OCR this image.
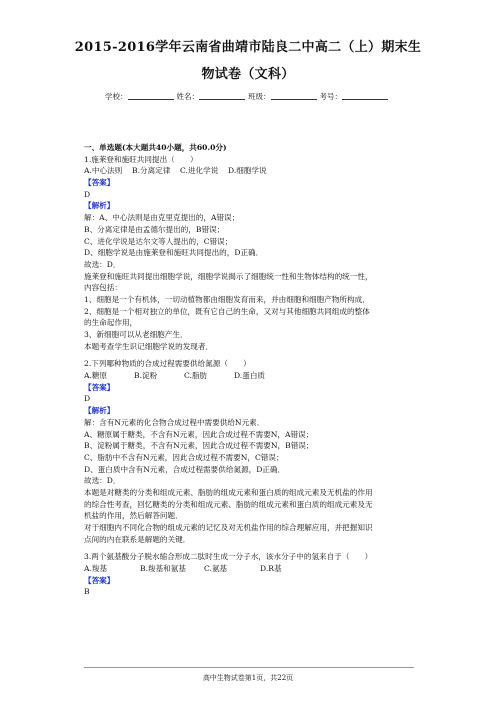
2015-2016学年云南省曲靖市陆良二中高二（上）期末生
物试卷（文科）
学校：	姓名：	班级：	考号：
一、单选题(本大题共40小题，共60.0分)
1.施莱登和施旺共同提出（　　）
A.中心法则 B.分离定律 C.进化学说 D.细胞学说
【答案】
D
【解析】
解：A、中心法则是由克里克提出的，A错误；
B、分离定律是由孟德尔提出的，B错误；
C、进化学说是达尔文等人提出的，C错误；
D、细胞学说是由施莱登和施旺共同提出的，D正确．
故选：D．
施莱登和施旺共同提出细胞学说，细胞学说揭示了细胞统一性和生物体结构的统一性，
内容包括：
1、细胞是一个有机体，一切动植物都由细胞发育而来，并由细胞和细胞产物所构成．
2、细胞是一个相对独立的单位，既有它自己的生命，又对与其他细胞共同组成的整体
的生命起作用，
3、新细胞可以从老细胞产生．
本题考查学生识记细胞学说的发现者．
2.下列哪种物质的合成过程需要供给氮源（　　）
A.糖原	B.淀粉	C.脂肪	D.蛋白质
【答案】
D
【解析】
解：含有N元素的化合物合成过程中需要供给N元素．
A、糖原属于糖类，不含有N元素，因此合成过程不需要N，A错误；
B、淀粉属于糖类，不含有N元素，因此合成过程不需要N，B错误；
C、脂肪中不含有N元素，因此合成过程不需要N，C错误；
D、蛋白质中含有N元素，合成过程需要供给氮源，D正确．
故选：D．
本题是对糖类的分类和组成元素、脂肪的组成元素和蛋白质的组成元素及无机盐的作用
的综合性考查，回忆糖类的分类和组成元素、脂肪的组成元素和蛋白质的组成元素及无
机盐的作用，然后解答问题．
对于细胞内不同化合物的组成元素的记忆及对无机盐作用的综合理解应用，并把握知识
点间的内在联系是解题的关键．
3.两个氨基酸分子脱水缩合形成二肽时生成一分子水，该水分子中的氢来自于（　　）
A.羧基	B.羧基和氨基 C.氨基	D.R基
【答案】
B
高中生物试卷第1页，共22页
